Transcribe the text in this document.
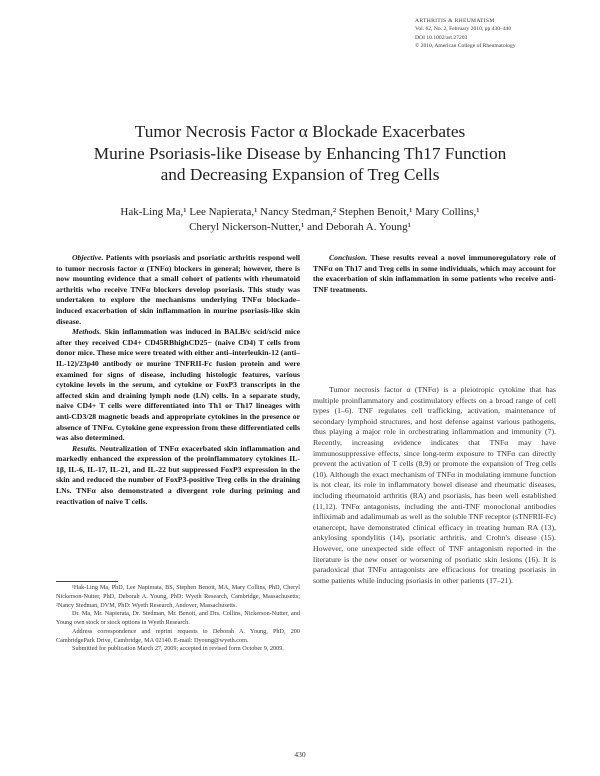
ARTHRITIS & RHEUMATISM
Vol. 62, No. 2, February 2010, pp 430–440
DOI 10.1002/art.27203
© 2010, American College of Rheumatology
Tumor Necrosis Factor α Blockade Exacerbates
Murine Psoriasis-like Disease by Enhancing Th17 Function
and Decreasing Expansion of Treg Cells
Hak-Ling Ma,¹ Lee Napierata,¹ Nancy Stedman,² Stephen Benoit,¹ Mary Collins,¹
Cheryl Nickerson-Nutter,¹ and Deborah A. Young¹

Objective. Patients with psoriasis and psoriatic arthritis respond well to tumor necrosis factor α (TNFα) blockers in general; however, there is now mounting evidence that a small cohort of patients with rheumatoid arthritis who receive TNFα blockers develop psoriasis. This study was undertaken to explore the mechanisms underlying TNFα blockade–induced exacerbation of skin inflammation in murine psoriasis-like skin disease.

Methods. Skin inflammation was induced in BALB/c scid/scid mice after they received CD4+ CD45RBhighCD25− (naive CD4) T cells from donor mice. These mice were treated with either anti–interleukin-12 (anti–IL-12)/23p40 antibody or murine TNFRII-Fc fusion protein and were examined for signs of disease, including histologic features, various cytokine levels in the serum, and cytokine or FoxP3 transcripts in the affected skin and draining lymph node (LN) cells. In a separate study, naive CD4+ T cells were differentiated into Th1 or Th17 lineages with anti-CD3/28 magnetic beads and appropriate cytokines in the presence or absence of TNFα. Cytokine gene expression from these differentiated cells was also determined.

Results. Neutralization of TNFα exacerbated skin inflammation and markedly enhanced the expression of the proinflammatory cytokines IL-1β, IL-6, IL-17, IL-21, and IL-22 but suppressed FoxP3 expression in the skin and reduced the number of FoxP3-positive Treg cells in the draining LNs. TNFα also demonstrated a divergent role during priming and reactivation of naive T cells.

Conclusion. These results reveal a novel immunoregulatory role of TNFα on Th17 and Treg cells in some individuals, which may account for the exacerbation of skin inflammation in some patients who receive anti-TNF treatments.

Tumor necrosis factor α (TNFα) is a pleiotropic cytokine that has multiple proinflammatory and costimulatory effects on a broad range of cell types (1–6). TNF regulates cell trafficking, activation, maintenance of secondary lymphoid structures, and host defense against various pathogens, thus playing a major role in orchestrating inflammation and immunity (7). Recently, increasing evidence indicates that TNFα may have immunosuppressive effects, since long-term exposure to TNFα can directly prevent the activation of T cells (8,9) or promote the expansion of Treg cells (10). Although the exact mechanism of TNFα in modulating immune function is not clear, its role in inflammatory bowel disease and rheumatic diseases, including rheumatoid arthritis (RA) and psoriasis, has been well established (11,12). TNFα antagonists, including the anti-TNF monoclonal antibodies infliximab and adalimumab as well as the soluble TNF receptor (sTNFRII-Fc) etanercept, have demonstrated clinical efficacy in treating human RA (13), ankylosing spondylitis (14), psoriatic arthritis, and Crohn's disease (15). However, one unexpected side effect of TNF antagonism reported in the literature is the new onset or worsening of psoriatic skin lesions (16). It is paradoxical that TNFα antagonists are efficacious for treating psoriasis in some patients while inducing psoriasis in other patients (17–21).

¹Hak-Ling Ma, PhD, Lee Napierata, BS, Stephen Benoit, MA, Mary Collins, PhD, Cheryl Nickerson-Nutter, PhD, Deborah A. Young, PhD: Wyeth Research, Cambridge, Massachusetts; ²Nancy Stedman, DVM, PhD: Wyeth Research, Andover, Massachusetts.

Dr. Ma, Mr. Napierata, Dr. Stedman, Mr. Benoit, and Drs. Collins, Nickerson-Nutter, and Young own stock or stock options in Wyeth Research.

Address correspondence and reprint requests to Deborah A. Young, PhD, 200 CambridgePark Drive, Cambridge, MA 02140. E-mail: Dyoung@wyeth.com.

Submitted for publication March 27, 2009; accepted in revised form October 9, 2009.

430
